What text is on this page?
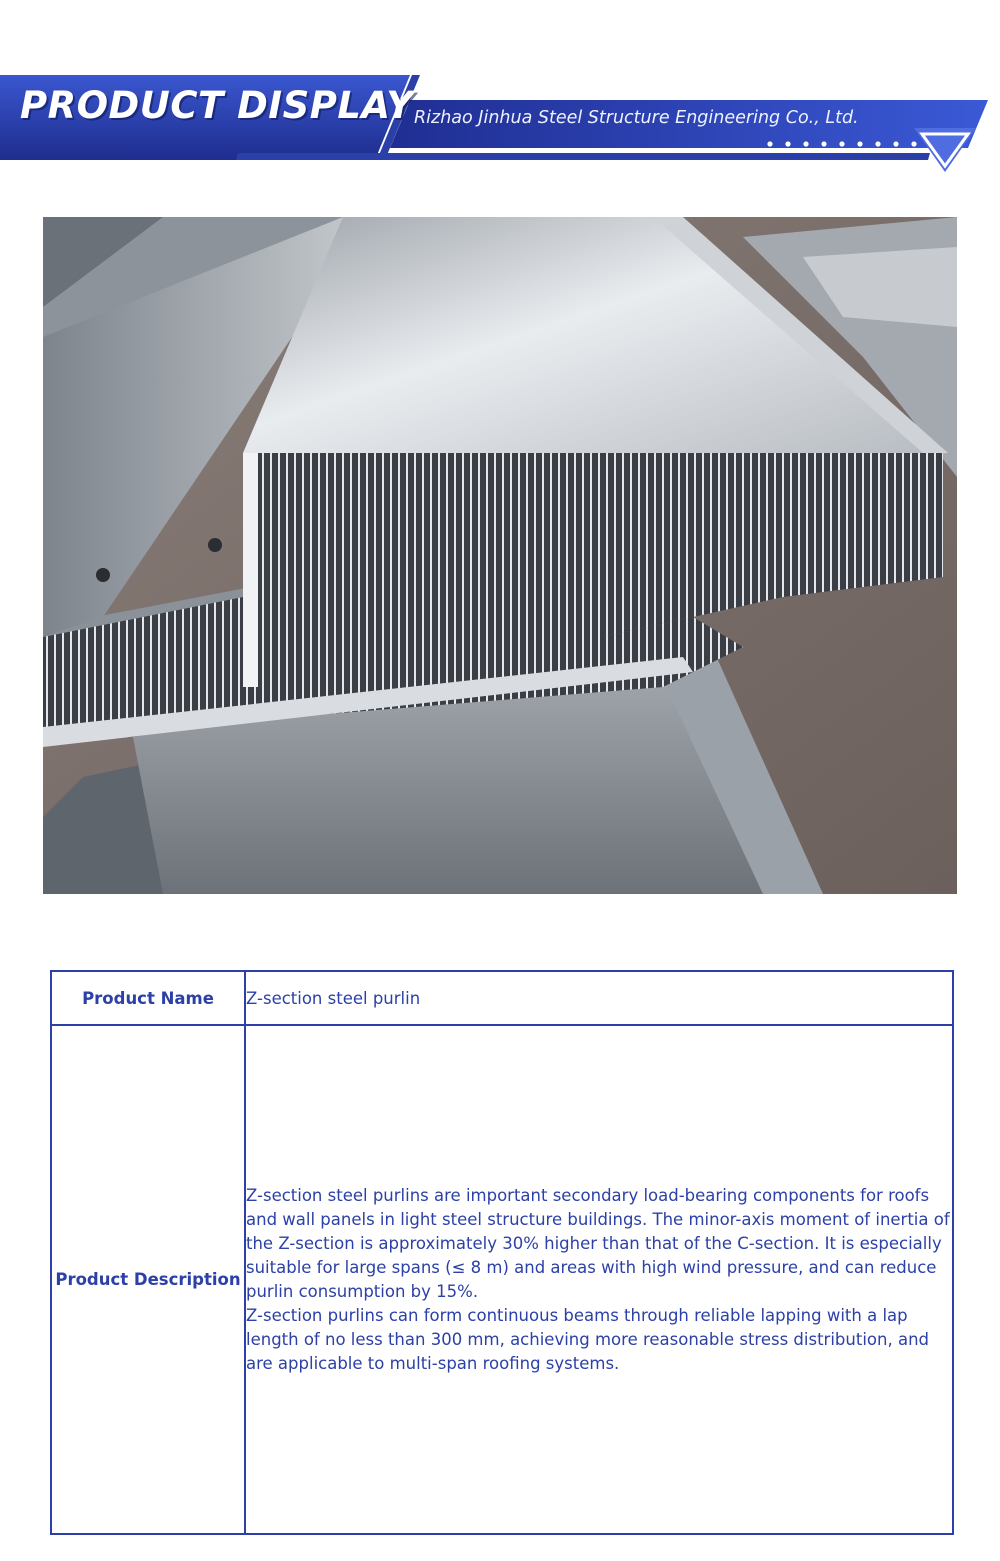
PRODUCT DISPLAY Rizhao Jinhua Steel Structure Engineering Co., Ltd.
Product Name	Z-section steel purlin
Product Description	Z-section steel purlins are important secondary load-bearing components for roofs and wall panels in light steel structure buildings. The minor-axis moment of inertia of the Z-section is approximately 30% higher than that of the C-section. It is especially suitable for large spans (≤ 8 m) and areas with high wind pressure, and can reduce purlin consumption by 15%.

Z-section purlins can form continuous beams through reliable lapping with a lap length of no less than 300 mm, achieving more reasonable stress distribution, and are applicable to multi-span roofing systems.
